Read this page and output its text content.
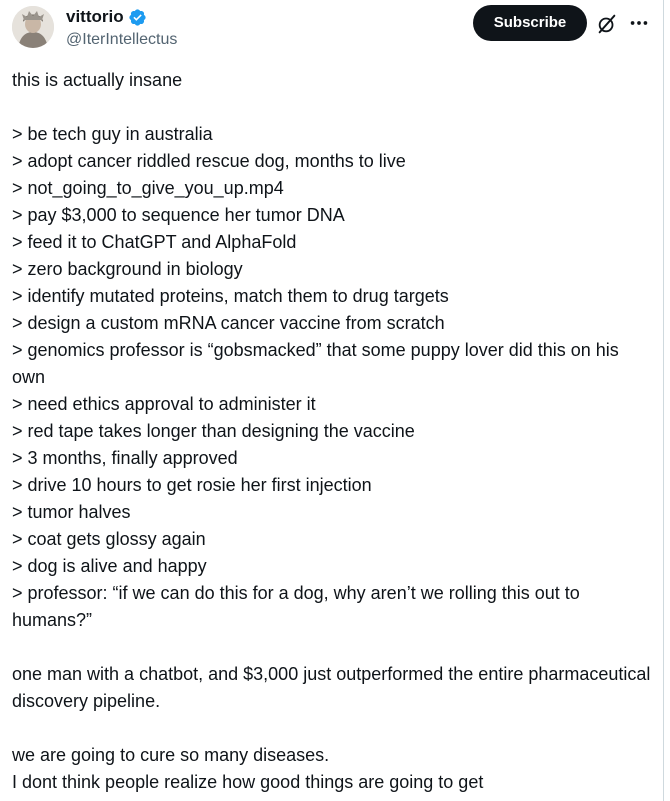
vittorio
@IterIntellectus
Subscribe
this is actually insane
> be tech guy in australia
> adopt cancer riddled rescue dog, months to live
> not_going_to_give_you_up.mp4
> pay $3,000 to sequence her tumor DNA
> feed it to ChatGPT and AlphaFold
> zero background in biology
> identify mutated proteins, match them to drug targets
> design a custom mRNA cancer vaccine from scratch
> genomics professor is “gobsmacked” that some puppy lover did this on his own
> need ethics approval to administer it
> red tape takes longer than designing the vaccine
> 3 months, finally approved
> drive 10 hours to get rosie her first injection
> tumor halves
> coat gets glossy again
> dog is alive and happy
> professor: “if we can do this for a dog, why aren’t we rolling this out to humans?”
one man with a chatbot, and $3,000 just outperformed the entire pharmaceutical discovery pipeline.
we are going to cure so many diseases.
I dont think people realize how good things are going to get
